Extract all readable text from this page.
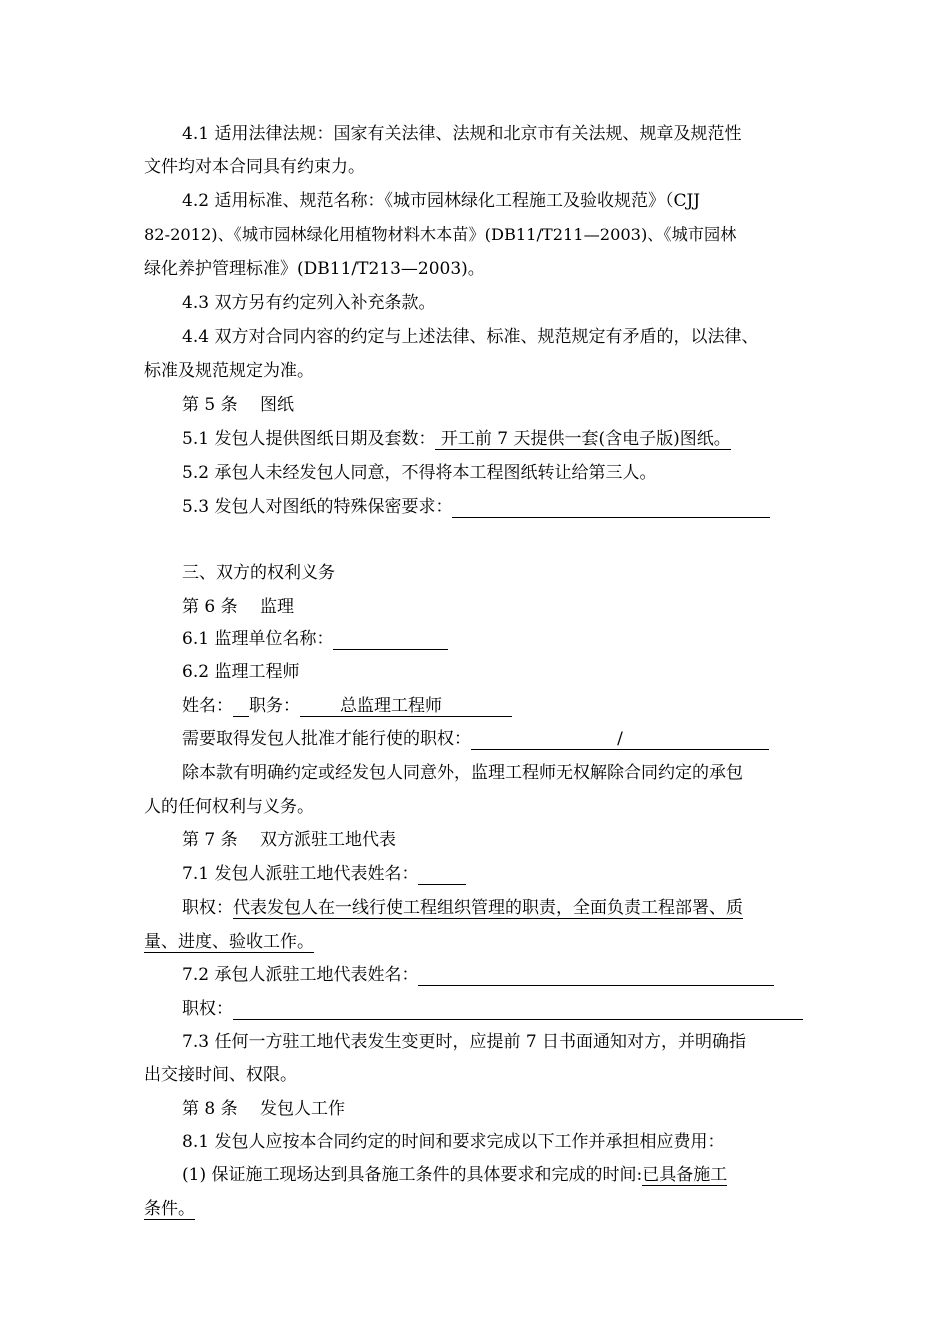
4.1 适用法律法规：国家有关法律、法规和北京市有关法规、规章及规范性
文件均对本合同具有约束力。
4.2 适用标准、规范名称：《城市园林绿化工程施工及验收规范》（CJJ
82-2012)、《城市园林绿化用植物材料木本苗》(DB11/T211—2003)、《城市园林
绿化养护管理标准》(DB11/T213—2003)。
4.3 双方另有约定列入补充条款。
4.4 双方对合同内容的约定与上述法律、标准、规范规定有矛盾的，以法律、
标准及规范规定为准。
第 5 条　 图纸
5.1 发包人提供图纸日期及套数： 开工前 7 天提供一套(含电子版)图纸。
5.2 承包人未经发包人同意，不得将本工程图纸转让给第三人。
5.3 发包人对图纸的特殊保密要求：
三、双方的权利义务
第 6 条　 监理
6.1 监理单位名称：
6.2 监理工程师
姓名： 职务： 总监理工程师
需要取得发包人批准才能行使的职权：	/
除本款有明确约定或经发包人同意外，监理工程师无权解除合同约定的承包
人的任何权利与义务。
第 7 条　 双方派驻工地代表
7.1 发包人派驻工地代表姓名：
职权：代表发包人在一线行使工程组织管理的职责，全面负责工程部署、质
量、进度、验收工作。
7.2 承包人派驻工地代表姓名：
职权：
7.3 任何一方驻工地代表发生变更时，应提前 7 日书面通知对方，并明确指
出交接时间、权限。
第 8 条　 发包人工作
8.1 发包人应按本合同约定的时间和要求完成以下工作并承担相应费用：
(1) 保证施工现场达到具备施工条件的具体要求和完成的时间:已具备施工
条件。
